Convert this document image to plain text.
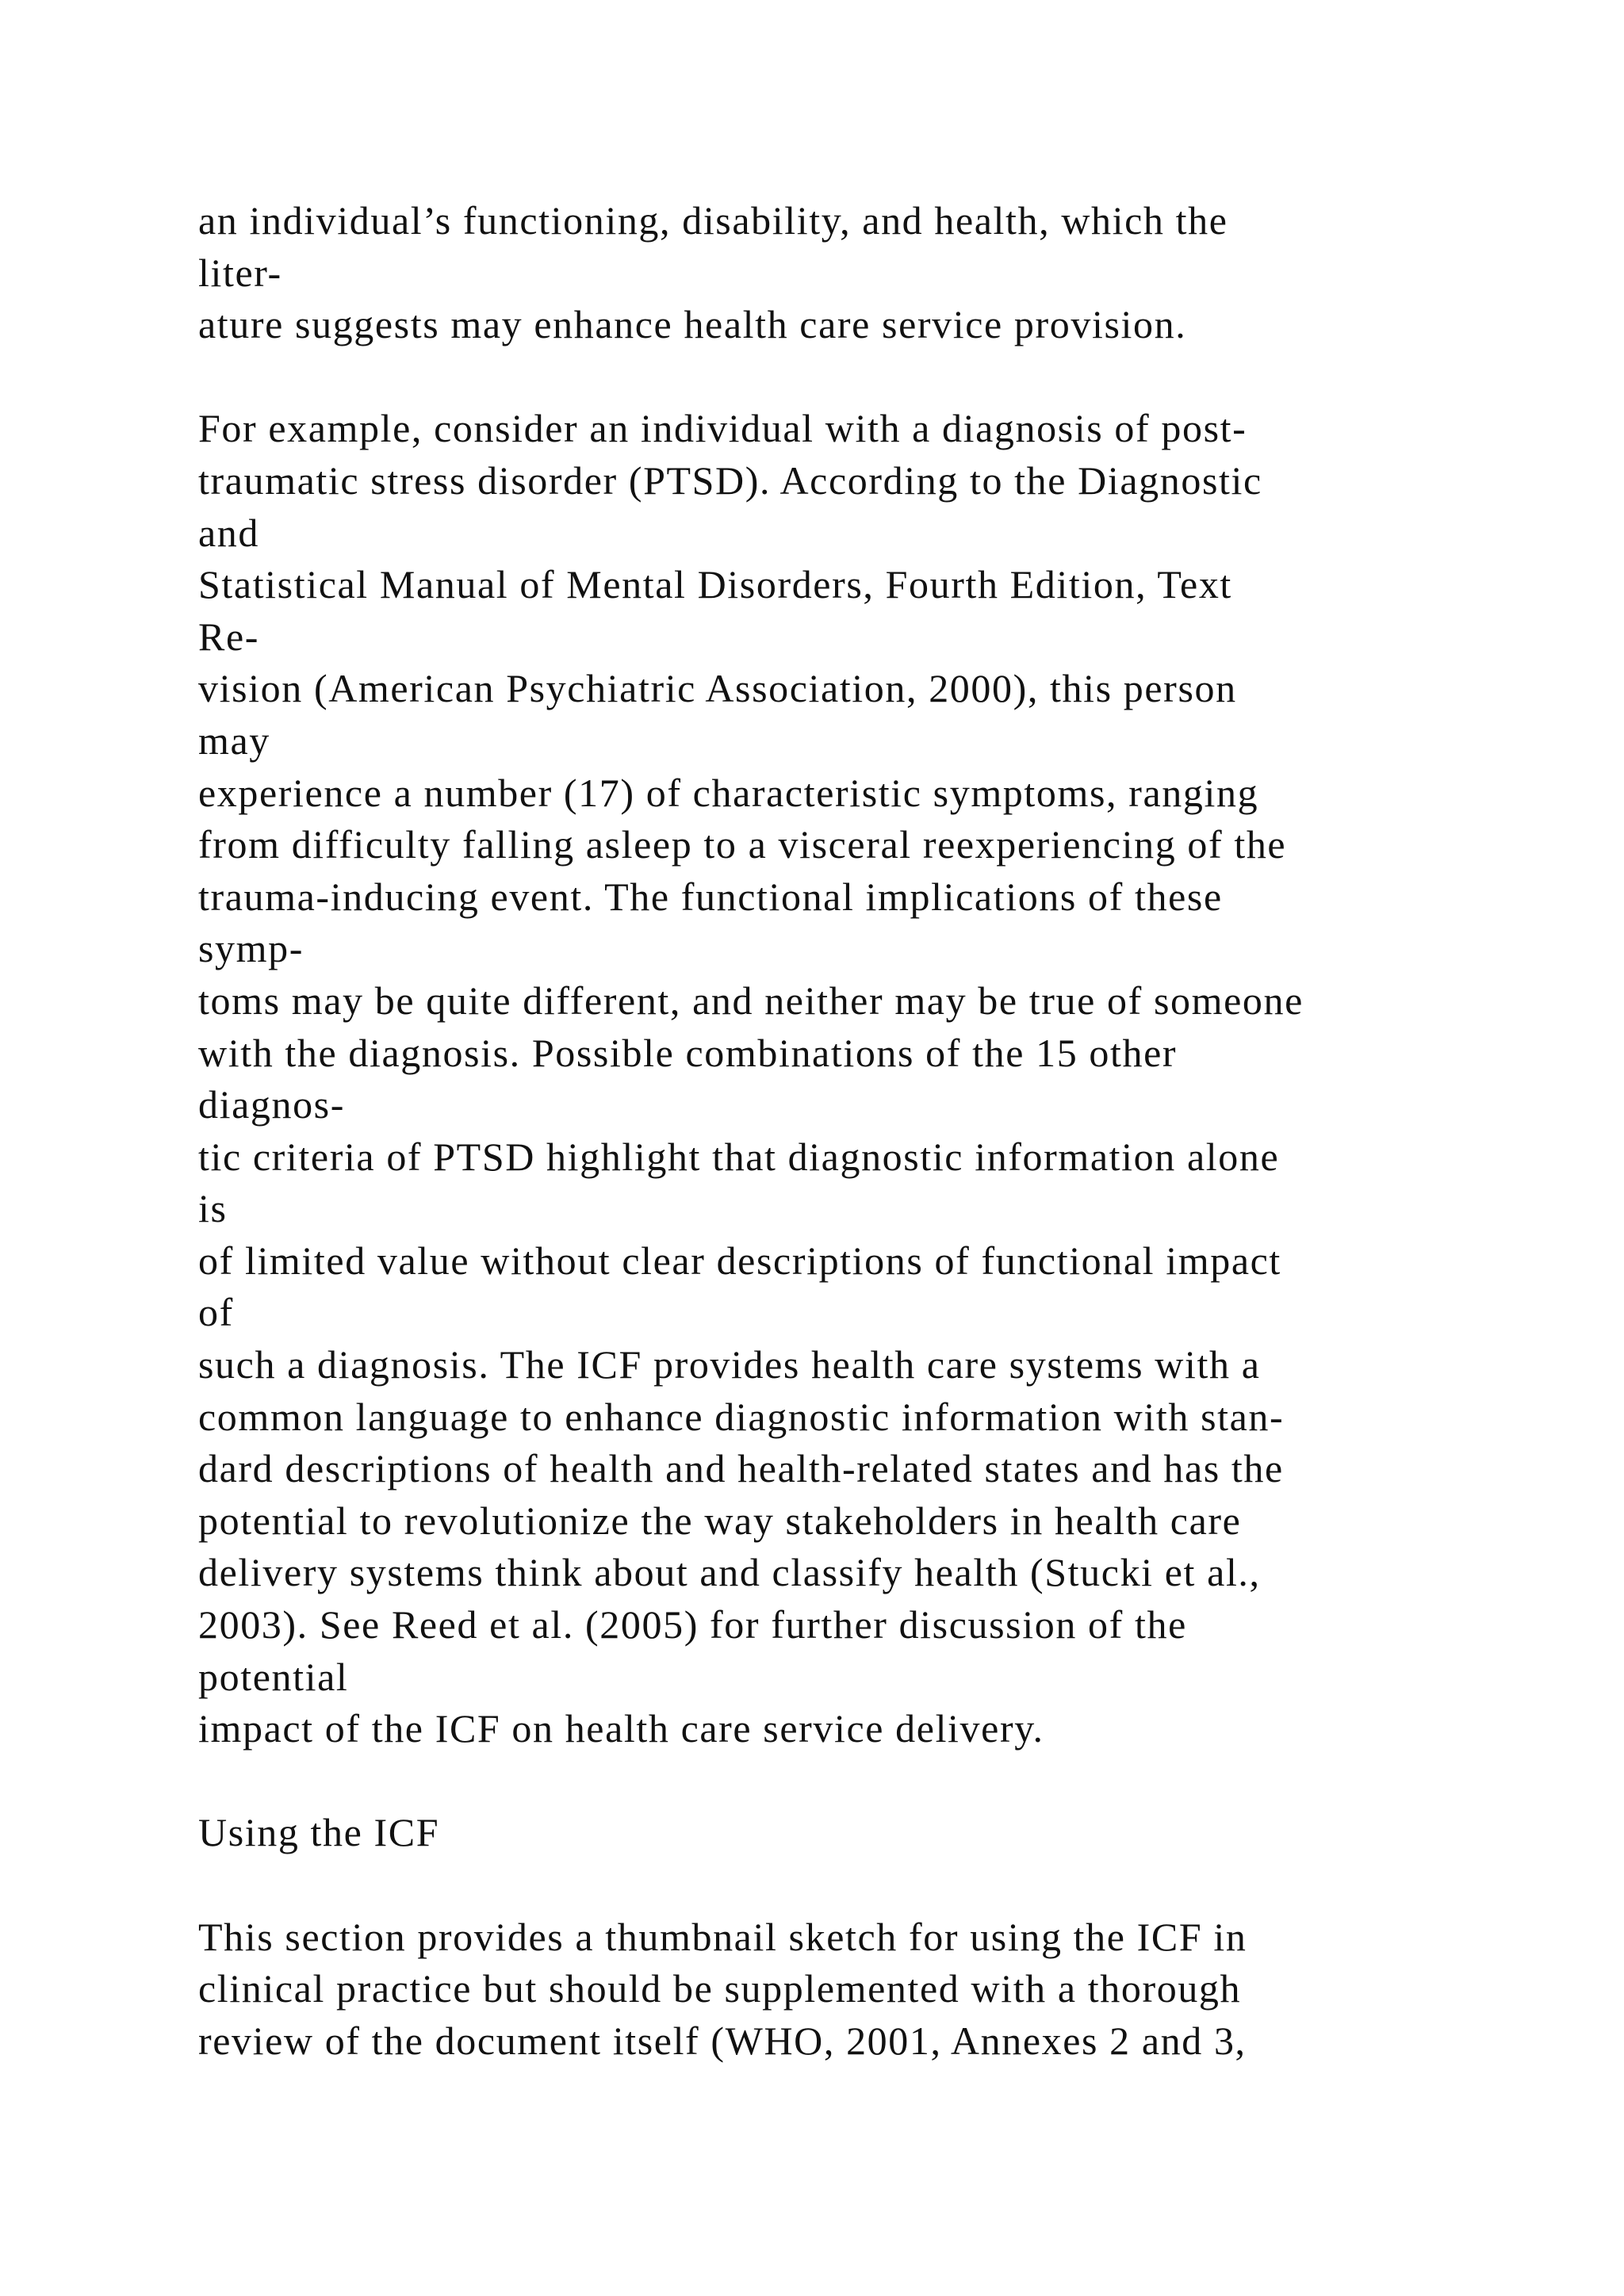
an individual’s functioning, disability, and health, which the
liter-
ature suggests may enhance health care service provision.
For example, consider an individual with a diagnosis of post-
traumatic stress disorder (PTSD). According to the Diagnostic
and
Statistical Manual of Mental Disorders, Fourth Edition, Text
Re-
vision (American Psychiatric Association, 2000), this person
may
experience a number (17) of characteristic symptoms, ranging
from difficulty falling asleep to a visceral reexperiencing of the
trauma-inducing event. The functional implications of these
symp-
toms may be quite different, and neither may be true of someone
with the diagnosis. Possible combinations of the 15 other
diagnos-
tic criteria of PTSD highlight that diagnostic information alone
is
of limited value without clear descriptions of functional impact
of
such a diagnosis. The ICF provides health care systems with a
common language to enhance diagnostic information with stan-
dard descriptions of health and health-related states and has the
potential to revolutionize the way stakeholders in health care
delivery systems think about and classify health (Stucki et al.,
2003). See Reed et al. (2005) for further discussion of the
potential
impact of the ICF on health care service delivery.
Using the ICF
This section provides a thumbnail sketch for using the ICF in
clinical practice but should be supplemented with a thorough
review of the document itself (WHO, 2001, Annexes 2 and 3,
